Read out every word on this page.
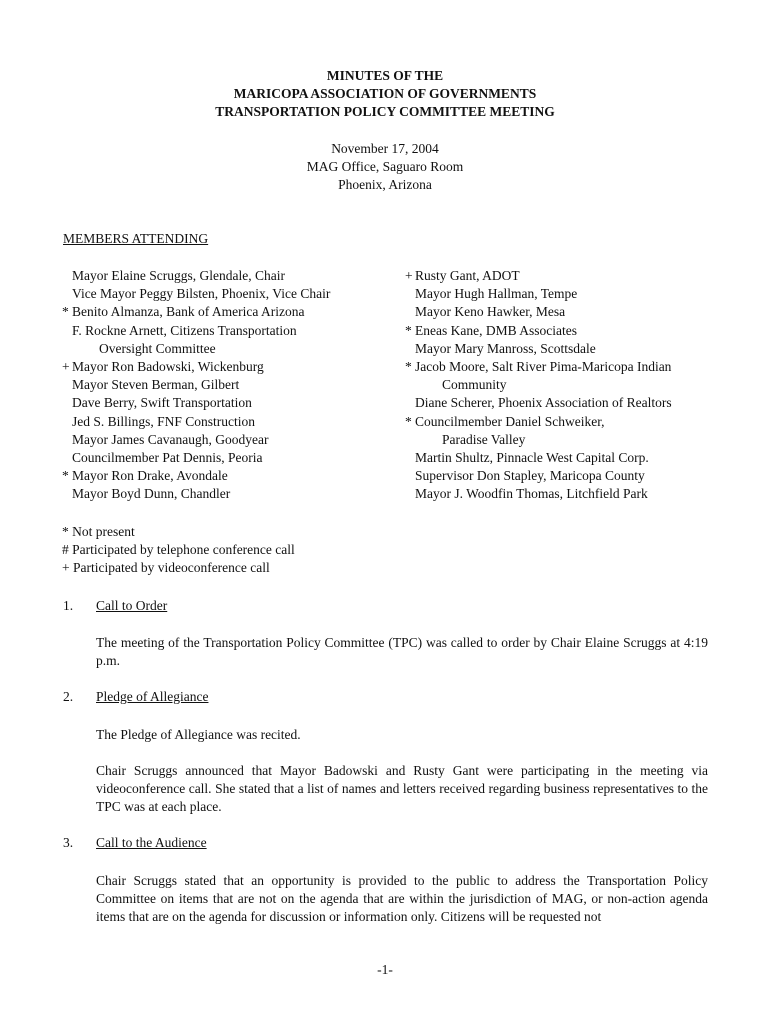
MINUTES OF THE
MARICOPA ASSOCIATION OF GOVERNMENTS
TRANSPORTATION POLICY COMMITTEE MEETING
November 17, 2004
MAG Office, Saguaro Room
Phoenix, Arizona
MEMBERS ATTENDING
Mayor Elaine Scruggs, Glendale, Chair
Vice Mayor Peggy Bilsten, Phoenix, Vice Chair
* Benito Almanza, Bank of America Arizona
F. Rockne Arnett, Citizens Transportation
Oversight Committee
+ Mayor Ron Badowski, Wickenburg
Mayor Steven Berman, Gilbert
Dave Berry, Swift Transportation
Jed S. Billings, FNF Construction
Mayor James Cavanaugh, Goodyear
Councilmember Pat Dennis, Peoria
* Mayor Ron Drake, Avondale
Mayor Boyd Dunn, Chandler
+ Rusty Gant, ADOT
Mayor Hugh Hallman, Tempe
Mayor Keno Hawker, Mesa
* Eneas Kane, DMB Associates
Mayor Mary Manross, Scottsdale
* Jacob Moore, Salt River Pima-Maricopa Indian
Community
Diane Scherer, Phoenix Association of Realtors
* Councilmember Daniel Schweiker,
Paradise Valley
Martin Shultz, Pinnacle West Capital Corp.
Supervisor Don Stapley, Maricopa County
Mayor J. Woodfin Thomas, Litchfield Park
* Not present
# Participated by telephone conference call
+ Participated by videoconference call
1. Call to Order
The meeting of the Transportation Policy Committee (TPC) was called to order by Chair Elaine Scruggs at 4:19 p.m.
2. Pledge of Allegiance
The Pledge of Allegiance was recited.
Chair Scruggs announced that Mayor Badowski and Rusty Gant were participating in the meeting via videoconference call. She stated that a list of names and letters received regarding business representatives to the TPC was at each place.
3. Call to the Audience
Chair Scruggs stated that an opportunity is provided to the public to address the Transportation Policy Committee on items that are not on the agenda that are within the jurisdiction of MAG, or non-action agenda items that are on the agenda for discussion or information only. Citizens will be requested not
-1-
